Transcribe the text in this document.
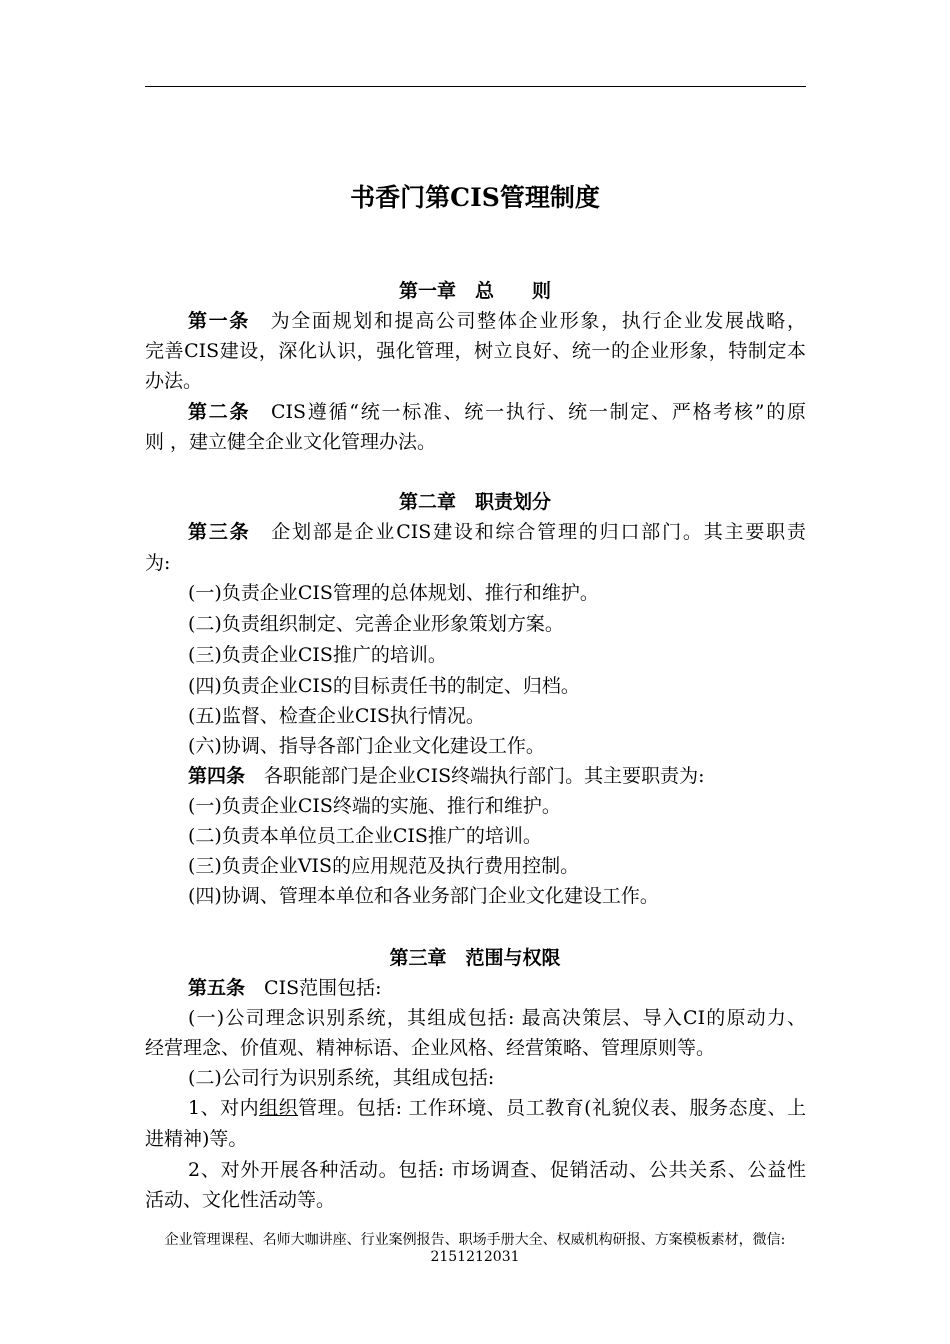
书香门第CIS管理制度
第一章　总　　则
第一条　 为全面规划和提高公司整体企业形象，执行企业发展战略，
完善CIS建设，深化认识，强化管理，树立良好、统一的企业形象，特制定本
办法。
第二条　 CIS遵循“统一标准、统一执行、统一制定、严格考核”的原
则 ，建立健全企业文化管理办法。
第二章　职责划分
第三条　 企划部是企业CIS建设和综合管理的归口部门。其主要职责
为:
(一)负责企业CIS管理的总体规划、推行和维护。
(二)负责组织制定、完善企业形象策划方案。
(三)负责企业CIS推广的培训。
(四)负责企业CIS的目标责任书的制定、归档。
(五)监督、检查企业CIS执行情况。
(六)协调、指导各部门企业文化建设工作。
第四条　 各职能部门是企业CIS终端执行部门。其主要职责为:
(一)负责企业CIS终端的实施、推行和维护。
(二)负责本单位员工企业CIS推广的培训。
(三)负责企业VIS的应用规范及执行费用控制。
(四)协调、管理本单位和各业务部门企业文化建设工作。
第三章　范围与权限
第五条　 CIS范围包括:
(一)公司理念识别系统，其组成包括: 最高决策层、导入CI的原动力、
经营理念、价值观、精神标语、企业风格、经营策略、管理原则等。
(二)公司行为识别系统，其组成包括:
1、对内组织管理。包括: 工作环境、员工教育(礼貌仪表、服务态度、上
进精神)等。
2、对外开展各种活动。包括: 市场调查、促销活动、公共关系、公益性
活动、文化性活动等。
企业管理课程、名师大咖讲座、行业案例报告、职场手册大全、权威机构研报、方案模板素材，微信:
2151212031
